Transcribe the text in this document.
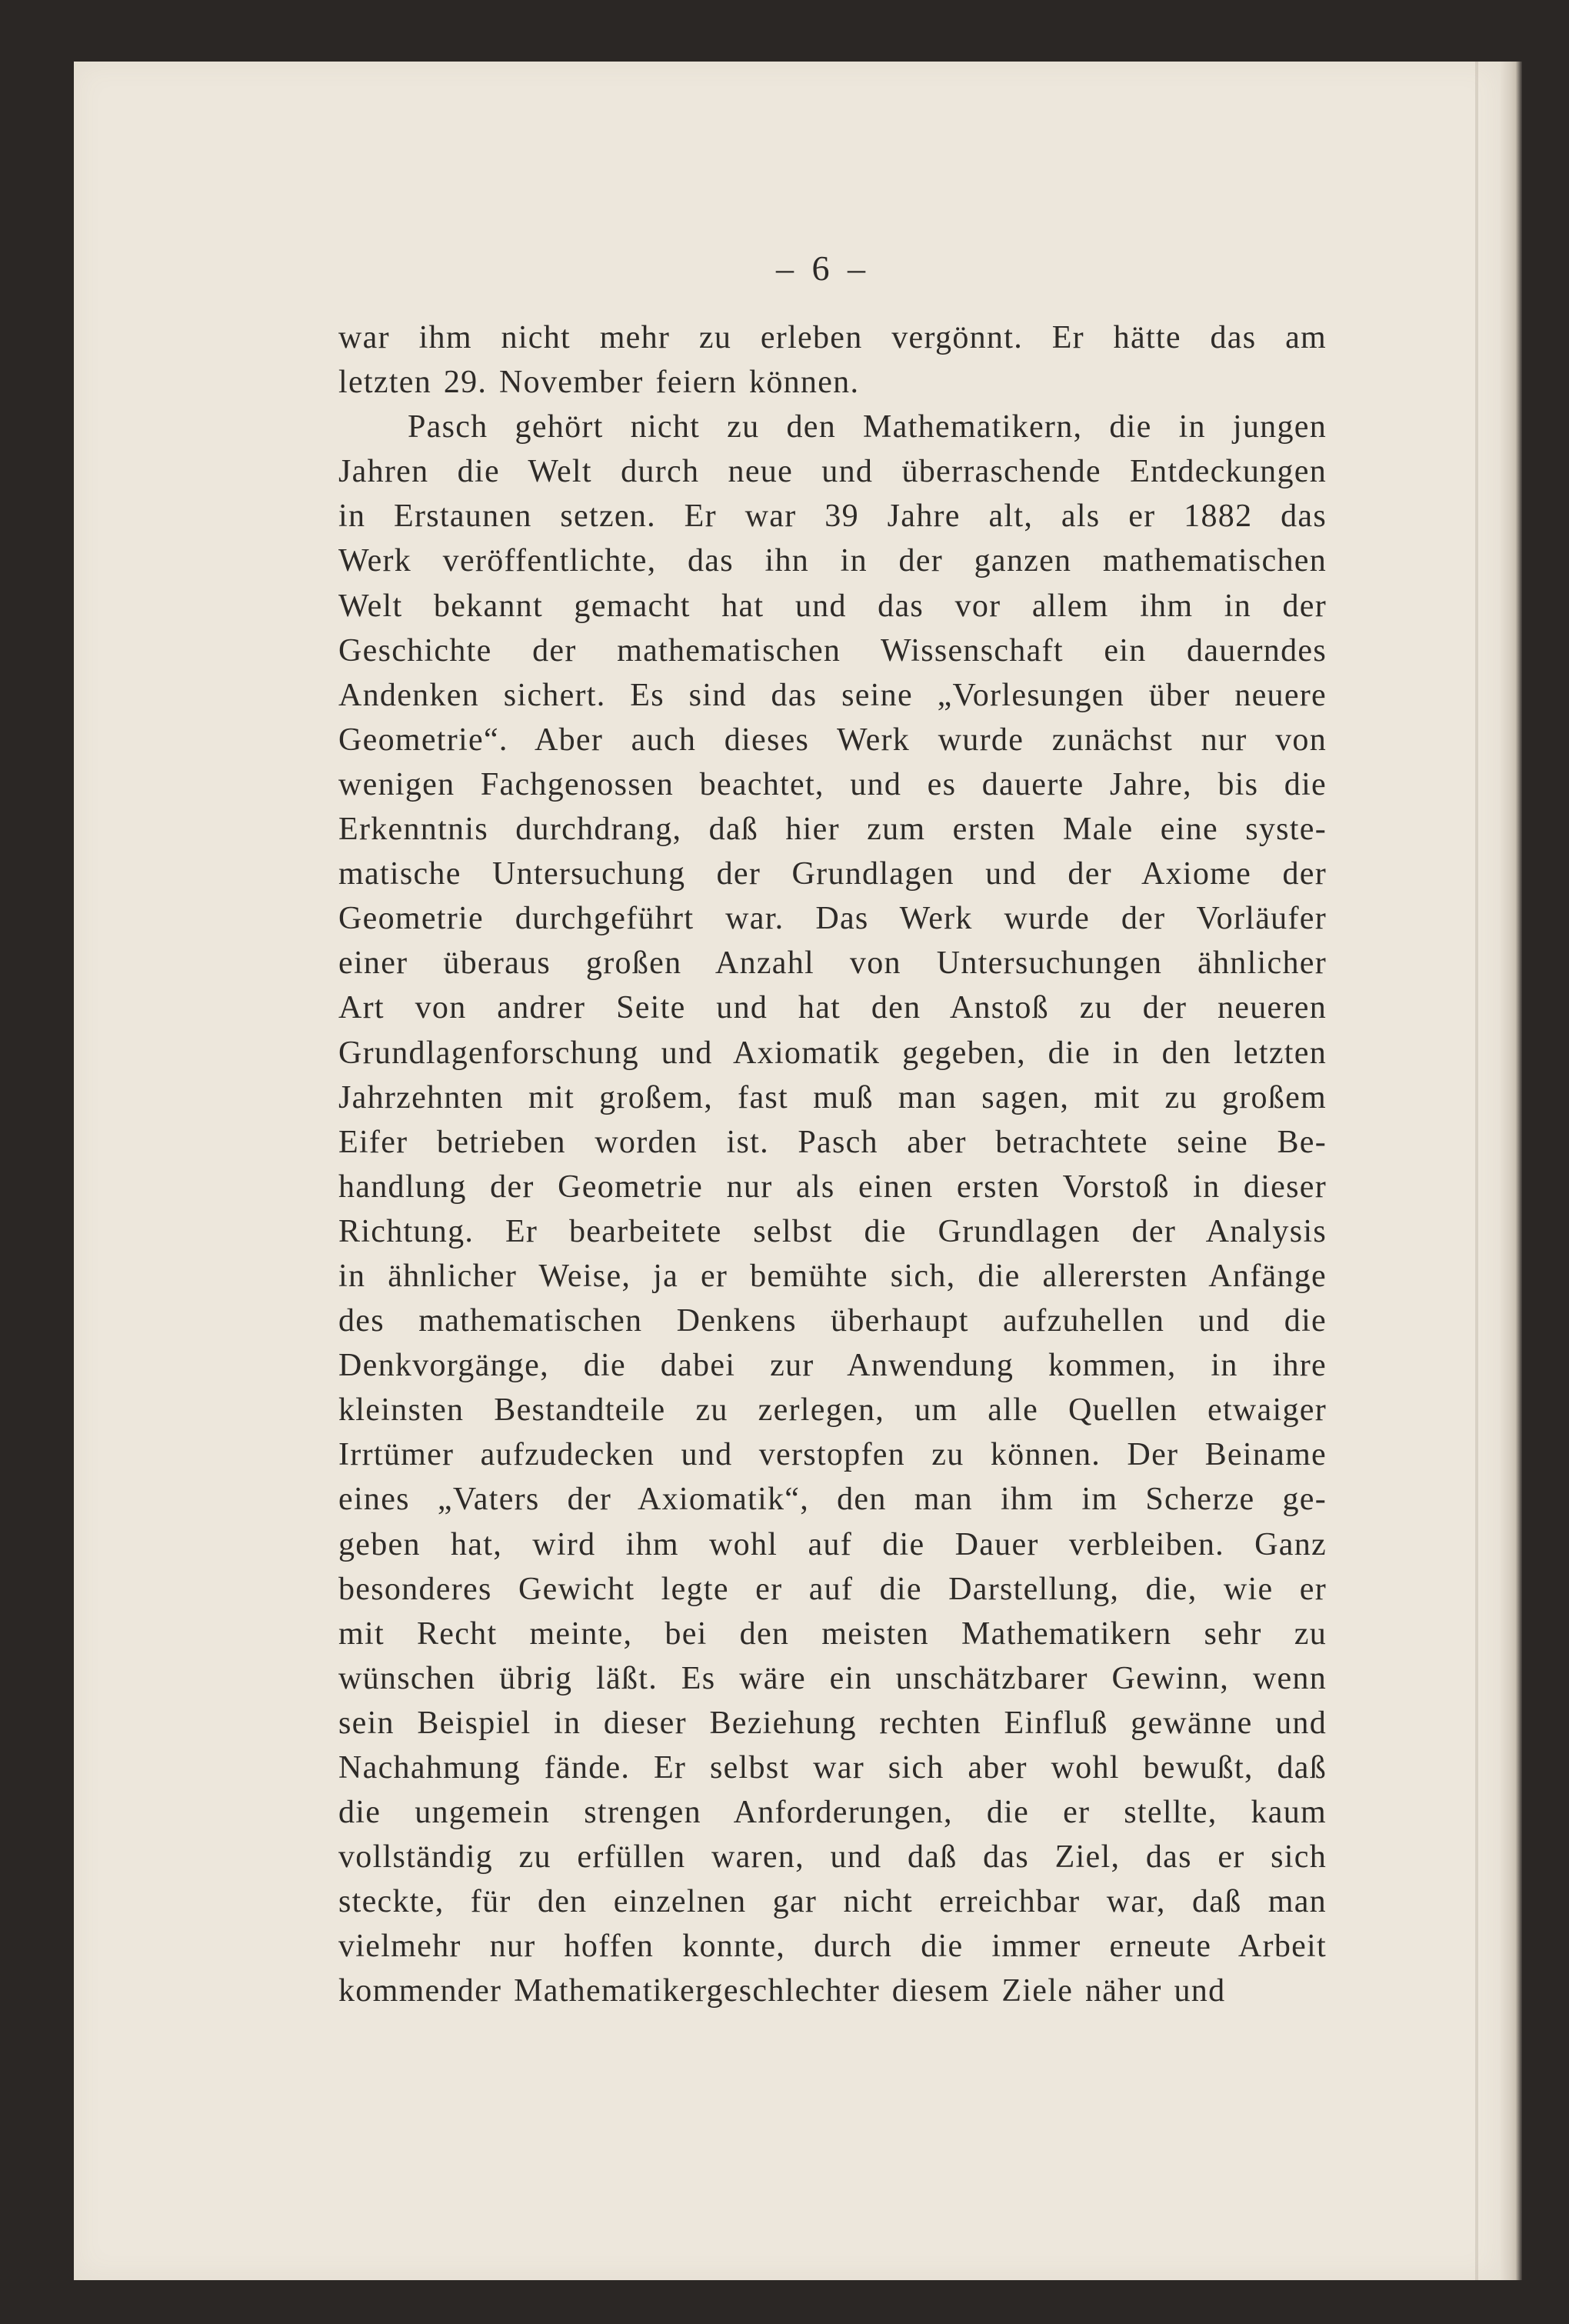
– 6 –
war ihm nicht mehr zu erleben vergönnt. Er hätte das am
letzten 29. November feiern können.
Pasch gehört nicht zu den Mathematikern, die in jungen
Jahren die Welt durch neue und überraschende Entdeckungen
in Erstaunen setzen. Er war 39 Jahre alt, als er 1882 das
Werk veröffentlichte, das ihn in der ganzen mathematischen
Welt bekannt gemacht hat und das vor allem ihm in der
Geschichte der mathematischen Wissenschaft ein dauerndes
Andenken sichert. Es sind das seine „Vorlesungen über neuere
Geometrie“. Aber auch dieses Werk wurde zunächst nur von
wenigen Fachgenossen beachtet, und es dauerte Jahre, bis die
Erkenntnis durchdrang, daß hier zum ersten Male eine syste-
matische Untersuchung der Grundlagen und der Axiome der
Geometrie durchgeführt war. Das Werk wurde der Vorläufer
einer überaus großen Anzahl von Untersuchungen ähnlicher
Art von andrer Seite und hat den Anstoß zu der neueren
Grundlagenforschung und Axiomatik gegeben, die in den letzten
Jahrzehnten mit großem, fast muß man sagen, mit zu großem
Eifer betrieben worden ist. Pasch aber betrachtete seine Be-
handlung der Geometrie nur als einen ersten Vorstoß in dieser
Richtung. Er bearbeitete selbst die Grundlagen der Analysis
in ähnlicher Weise, ja er bemühte sich, die allerersten Anfänge
des mathematischen Denkens überhaupt aufzuhellen und die
Denkvorgänge, die dabei zur Anwendung kommen, in ihre
kleinsten Bestandteile zu zerlegen, um alle Quellen etwaiger
Irrtümer aufzudecken und verstopfen zu können. Der Beiname
eines „Vaters der Axiomatik“, den man ihm im Scherze ge-
geben hat, wird ihm wohl auf die Dauer verbleiben. Ganz
besonderes Gewicht legte er auf die Darstellung, die, wie er
mit Recht meinte, bei den meisten Mathematikern sehr zu
wünschen übrig läßt. Es wäre ein unschätzbarer Gewinn, wenn
sein Beispiel in dieser Beziehung rechten Einfluß gewänne und
Nachahmung fände. Er selbst war sich aber wohl bewußt, daß
die ungemein strengen Anforderungen, die er stellte, kaum
vollständig zu erfüllen waren, und daß das Ziel, das er sich
steckte, für den einzelnen gar nicht erreichbar war, daß man
vielmehr nur hoffen konnte, durch die immer erneute Arbeit
kommender Mathematikergeschlechter diesem Ziele näher und
